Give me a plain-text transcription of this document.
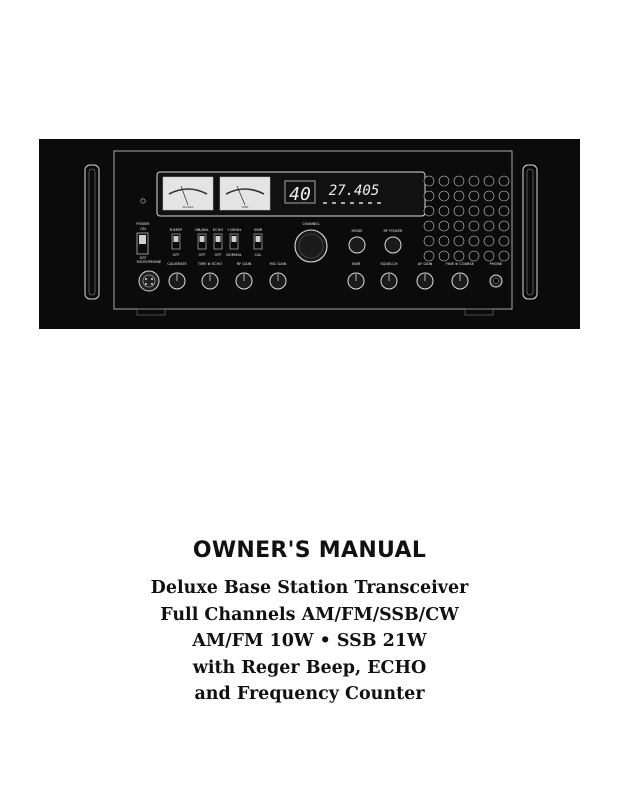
SIGNAL	SWR
40 27.405
POWER
ON
OFF
R.BEEP
OFF
NB/ANL
OFF
ECHO
OFF
+10KHz
NORMAL
SWR
CAL
CHANNEL
MODE	RF POWER
MICROPHONE CALIBRATE	TIME ⊗ ECHO	RF GAIN	MIC GAIN	SWR	SQUELCH	AF GAIN	FINE ⊗ COARSE	PHONE
OWNER'S MANUAL
Deluxe Base Station Transceiver
Full Channels AM/FM/SSB/CW
AM/FM 10W • SSB 21W
with Reger Beep, ECHO
and Frequency Counter
